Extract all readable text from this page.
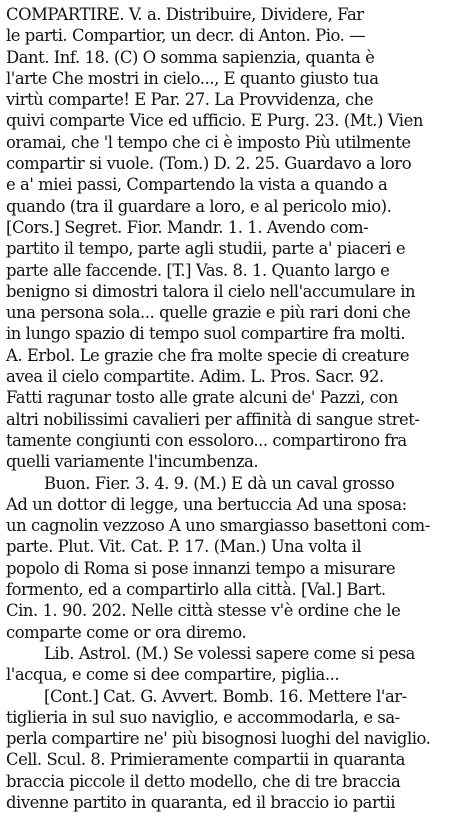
COMPARTIRE. V. a. Distribuire, Dividere, Far
le parti. Compartior, un decr. di Anton. Pio. —
Dant. Inf. 18. (C) O somma sapienzia, quanta è
l'arte Che mostri in cielo..., E quanto giusto tua
virtù comparte! E Par. 27. La Provvidenza, che
quivi comparte Vice ed ufficio. E Purg. 23. (Mt.) Vien
oramai, che 'l tempo che ci è imposto Più utilmente
compartir si vuole. (Tom.) D. 2. 25. Guardavo a loro
e a' miei passi, Compartendo la vista a quando a
quando (tra il guardare a loro, e al pericolo mio).
[Cors.] Segret. Fior. Mandr. 1. 1. Avendo com-
partito il tempo, parte agli studii, parte a' piaceri e
parte alle faccende. [T.] Vas. 8. 1. Quanto largo e
benigno si dimostri talora il cielo nell'accumulare in
una persona sola... quelle grazie e più rari doni che
in lungo spazio di tempo suol compartire fra molti.
A. Erbol. Le grazie che fra molte specie di creature
avea il cielo compartite. Adim. L. Pros. Sacr. 92.
Fatti ragunar tosto alle grate alcuni de' Pazzi, con
altri nobilissimi cavalieri per affinità di sangue stret-
tamente congiunti con essoloro... compartirono fra
quelli variamente l'incumbenza.
Buon. Fier. 3. 4. 9. (M.) E dà un caval grosso
Ad un dottor di legge, una bertuccia Ad una sposa:
un cagnolin vezzoso A uno smargiasso basettoni com-
parte. Plut. Vit. Cat. P. 17. (Man.) Una volta il
popolo di Roma si pose innanzi tempo a misurare
formento, ed a compartirlo alla città. [Val.] Bart.
Cin. 1. 90. 202. Nelle città stesse v'è ordine che le
comparte come or ora diremo.
Lib. Astrol. (M.) Se volessi sapere come si pesa
l'acqua, e come si dee compartire, piglia...
[Cont.] Cat. G. Avvert. Bomb. 16. Mettere l'ar-
tiglieria in sul suo naviglio, e accommodarla, e sa-
perla compartire ne' più bisognosi luoghi del naviglio.
Cell. Scul. 8. Primieramente compartii in quaranta
braccia piccole il detto modello, che di tre braccia
divenne partito in quaranta, ed il braccio io partii
